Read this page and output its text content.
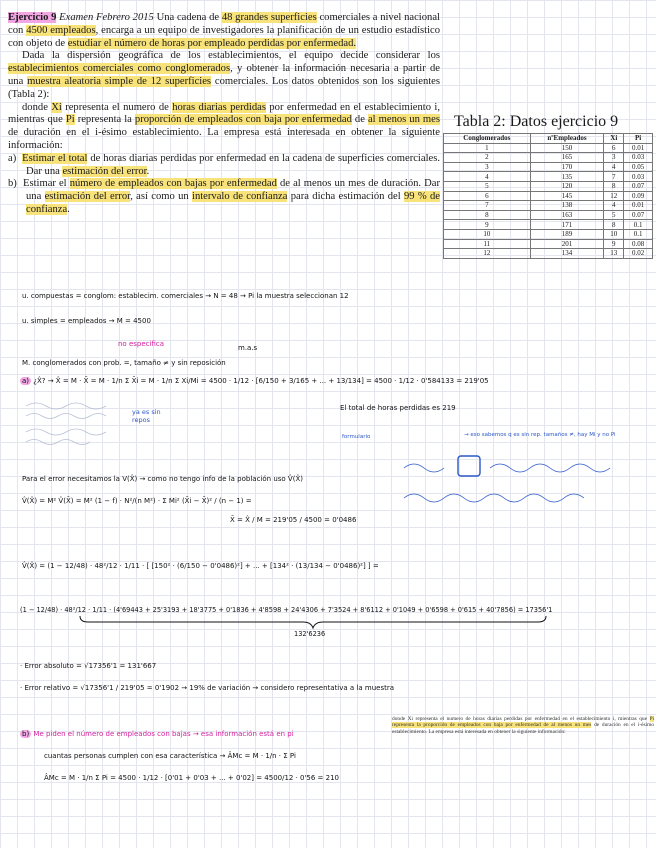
Ejercicio 9 Examen Febrero 2015 Una cadena de 48 grandes superficies comerciales a nivel nacional con 4500 empleados, encarga a un equipo de investigadores la planificación de un estudio estadístico con objeto de estudiar el número de horas por empleado perdidas por enfermedad.

Dada la dispersión geográfica de los establecimientos, el equipo decide considerar los establecimientos comerciales como conglomerados, y obtener la información necesaria a partir de una muestra aleatoria simple de 12 superficies comerciales. Los datos obtenidos son los siguientes (Tabla 2):

donde Xi representa el numero de horas diarias perdidas por enfermedad en el establecimiento i, mientras que Pi representa la proporción de empleados con baja por enfermedad de al menos un mes de duración en el i-ésimo establecimiento. La empresa está interesada en obtener la siguiente información:

a) Estimar el total de horas diarias perdidas por enfermedad en la cadena de superficies comerciales. Dar una estimación del error.

b) Estimar el número de empleados con bajas por enfermedad de al menos un mes de duración. Dar una estimación del error, así como un intervalo de confianza para dicha estimación del 99 % de confianza.

Tabla 2: Datos ejercicio 9
Conglomerados	nºEmpleados	Xi	Pi
1	150	6	0.01
2	165	3	0.03
3	170	4	0.05
4	135	7	0.03
5	120	8	0.07
6	145	12	0.09
7	138	4	0.01
8	163	5	0.07
9	171	8	0.1
10	189	10	0.1
11	201	9	0.08
12	134	13	0.02
u. compuestas = conglom: establecim. comerciales → N = 48 → Pi la muestra seleccionan 12
u. simples = empleados → M = 4500
no especifica	m.a.s
M. conglomerados con prob. =, tamaño ≠ y sin reposición
a) ¿X̂? → X̂ = M · X̄ = M · 1/n Σ X̄i = M · 1/n Σ Xi/Mi = 4500 · 1/12 · [6/150 + 3/165 + ... + 13/134] = 4500 · 1/12 · 0'584133 = 219'05
ya es sin repos
El total de horas perdidas es 219
formulario	→ eso sabemos q es sin rep. tamaños ≠, hay Mi y no Pi
Para el error necesitamos la V(X̂) → como no tengo info de la población uso V̂(X̂)
V̂(X̂) = M² V̂(X̄) = M² (1 − f) · N²/(n M²) · Σ Mi² (X̄i − X̄)² / (n − 1) =
X̄ = X̂ / M = 219'05 / 4500 = 0'0486
V̂(X̂) = (1 − 12/48) · 48²/12 · 1/11 · [ [150² · (6/150 − 0'0486)²] + ... + [134² · (13/134 − 0'0486)²] ] =
(1 − 12/48) · 48²/12 · 1/11 · (4'69443 + 25'3193 + 18'3775 + 0'1836 + 4'8598 + 24'4306 + 7'3524 + 8'6112 + 0'1049 + 0'6598 + 0'615 + 40'7856) = 17356'1
132'6236
· Error absoluto = √17356'1 = 131'667
· Error relativo = √17356'1 / 219'05 = 0'1902 → 19% de variación → considero representativa a la muestra
b) Me piden el número de empleados con bajas → esa información está en pi
cuantas personas cumplen con esa característica → ÂMc = M · 1/n · Σ Pi
ÂMc = M · 1/n Σ Pi = 4500 · 1/12 · [0'01 + 0'03 + ... + 0'02] = 4500/12 · 0'56 = 210
donde Xi representa el numero de horas diarias perdidas por enfermedad en el establecimiento i, mientras que Pi representa la proporción de empleados con baja por enfermedad de al menos un mes de duración en el i-ésimo establecimiento. La empresa está interesada en obtener la siguiente información:
